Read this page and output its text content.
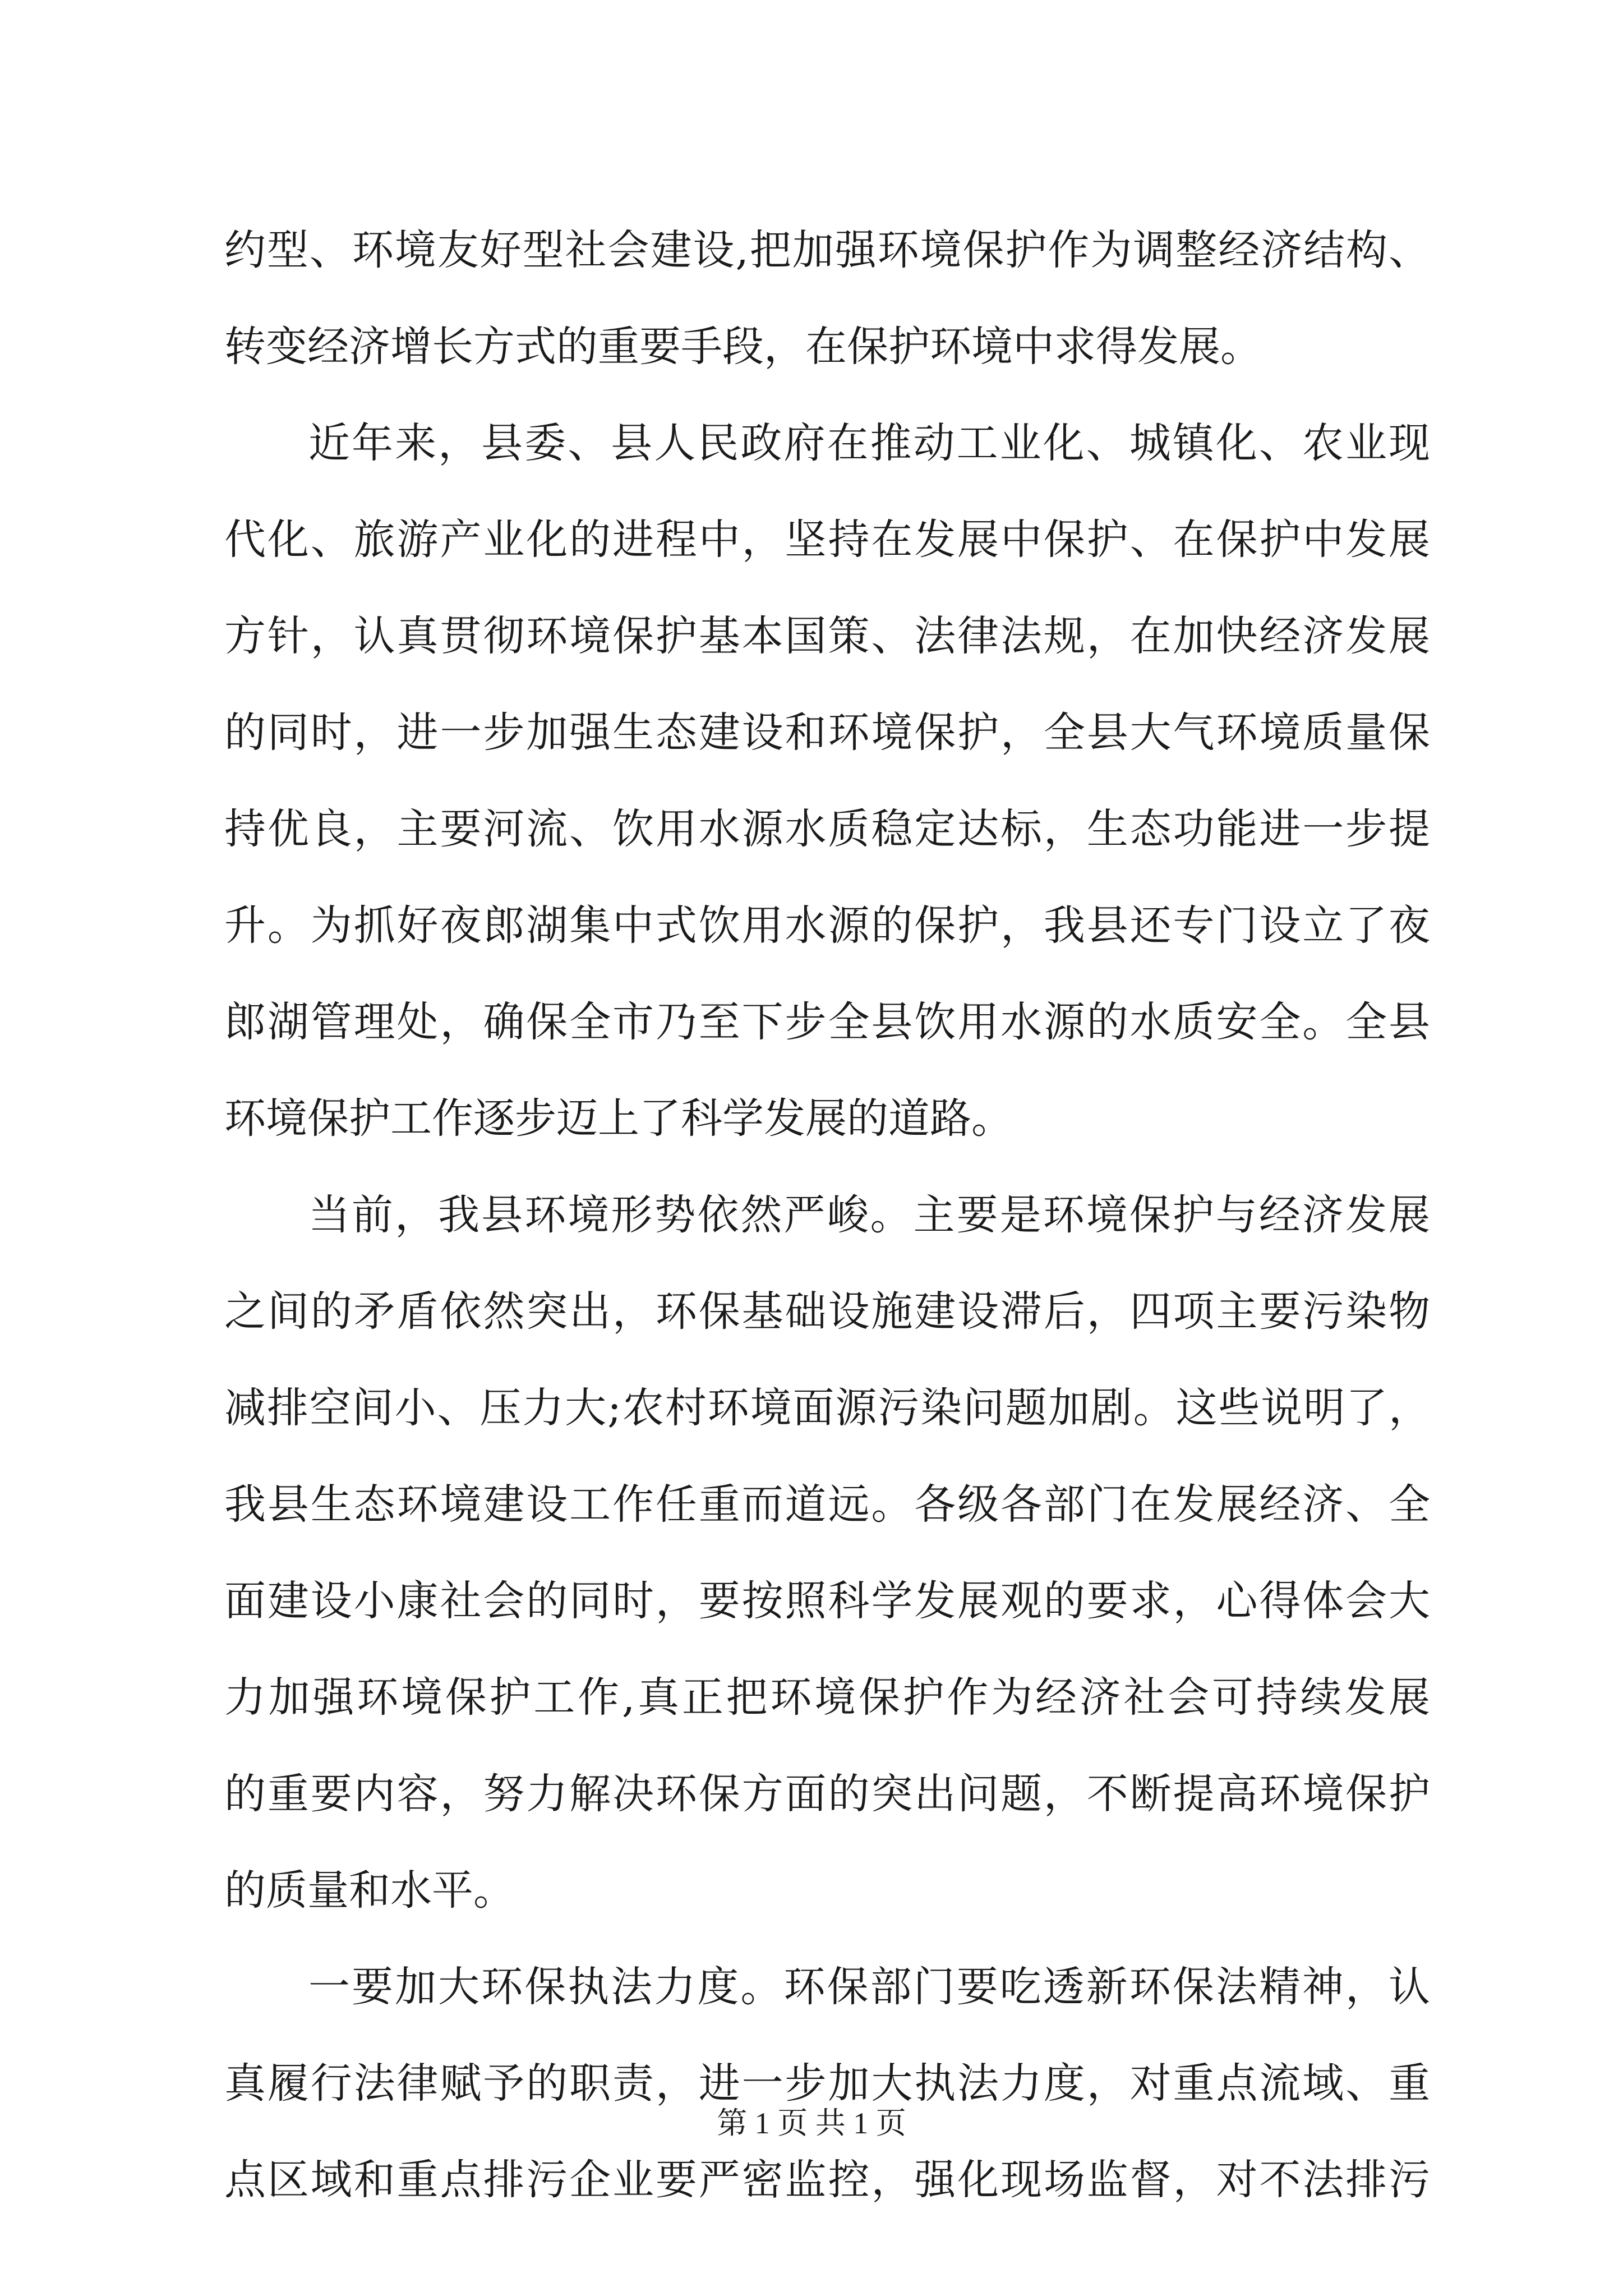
约型、环境友好型社会建设,把加强环境保护作为调整经济结构、
转变经济增长方式的重要手段，在保护环境中求得发展。
近年来，县委、县人民政府在推动工业化、城镇化、农业现
代化、旅游产业化的进程中，坚持在发展中保护、在保护中发展
方针，认真贯彻环境保护基本国策、法律法规，在加快经济发展
的同时，进一步加强生态建设和环境保护，全县大气环境质量保
持优良，主要河流、饮用水源水质稳定达标，生态功能进一步提
升。为抓好夜郎湖集中式饮用水源的保护，我县还专门设立了夜
郎湖管理处，确保全市乃至下步全县饮用水源的水质安全。全县
环境保护工作逐步迈上了科学发展的道路。
当前，我县环境形势依然严峻。主要是环境保护与经济发展
之间的矛盾依然突出，环保基础设施建设滞后，四项主要污染物
减排空间小、压力大;农村环境面源污染问题加剧。这些说明了，
我县生态环境建设工作任重而道远。各级各部门在发展经济、全
面建设小康社会的同时，要按照科学发展观的要求，心得体会大
力加强环境保护工作,真正把环境保护作为经济社会可持续发展
的重要内容，努力解决环保方面的突出问题，不断提高环境保护
的质量和水平。
一要加大环保执法力度。环保部门要吃透新环保法精神，认
真履行法律赋予的职责，进一步加大执法力度，对重点流域、重
点区域和重点排污企业要严密监控，强化现场监督，对不法排污
第 1 页 共 1 页
